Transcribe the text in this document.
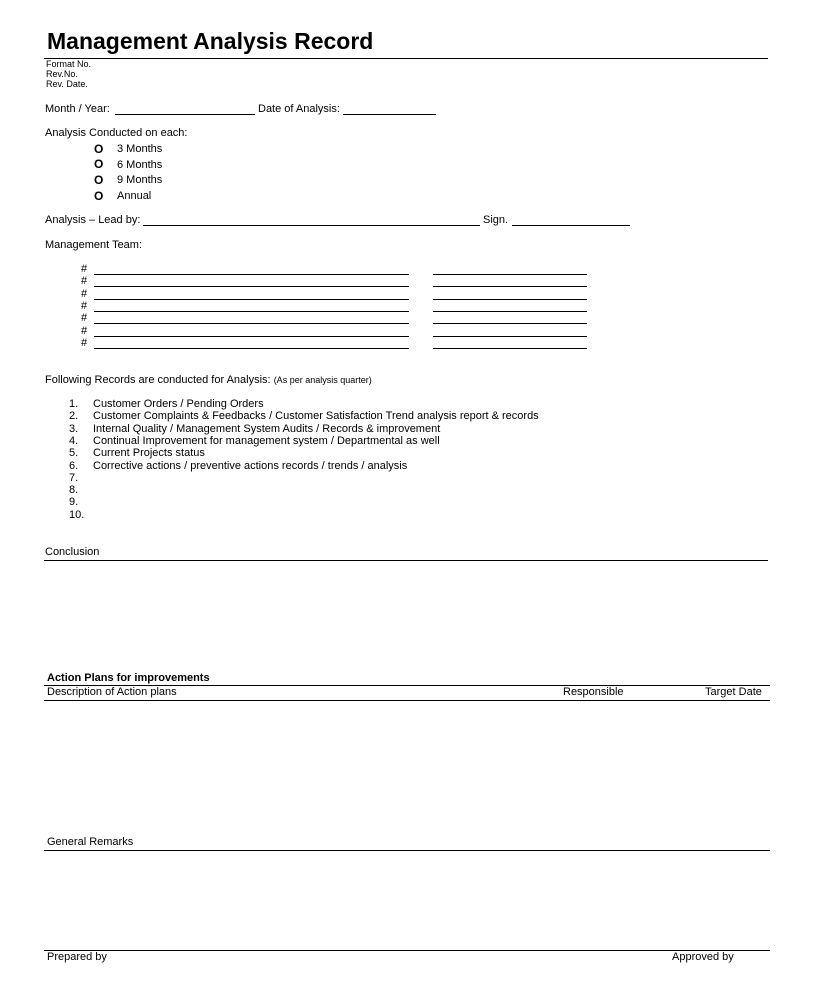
Management Analysis Record
Format No.
Rev.No.
Rev. Date.
Month / Year:	Date of Analysis:
Analysis Conducted on each:
O 3 Months
O 6 Months
O 9 Months
O Annual
Analysis – Lead by:	Sign.
Management Team:
#
#
#
#
#
#
#
Following Records are conducted for Analysis: (As per analysis quarter)
1.	Customer Orders / Pending Orders
2.	Customer Complaints & Feedbacks / Customer Satisfaction Trend analysis report & records
3.	Internal Quality / Management System Audits / Records & improvement
4.	Continual Improvement for management system / Departmental as well
5.	Current Projects status
6.	Corrective actions / preventive actions records / trends / analysis
7.
8.
9.
10.
Conclusion
Action Plans for improvements
Description of Action plans	Responsible	Target Date
General Remarks
Prepared by	Approved by
